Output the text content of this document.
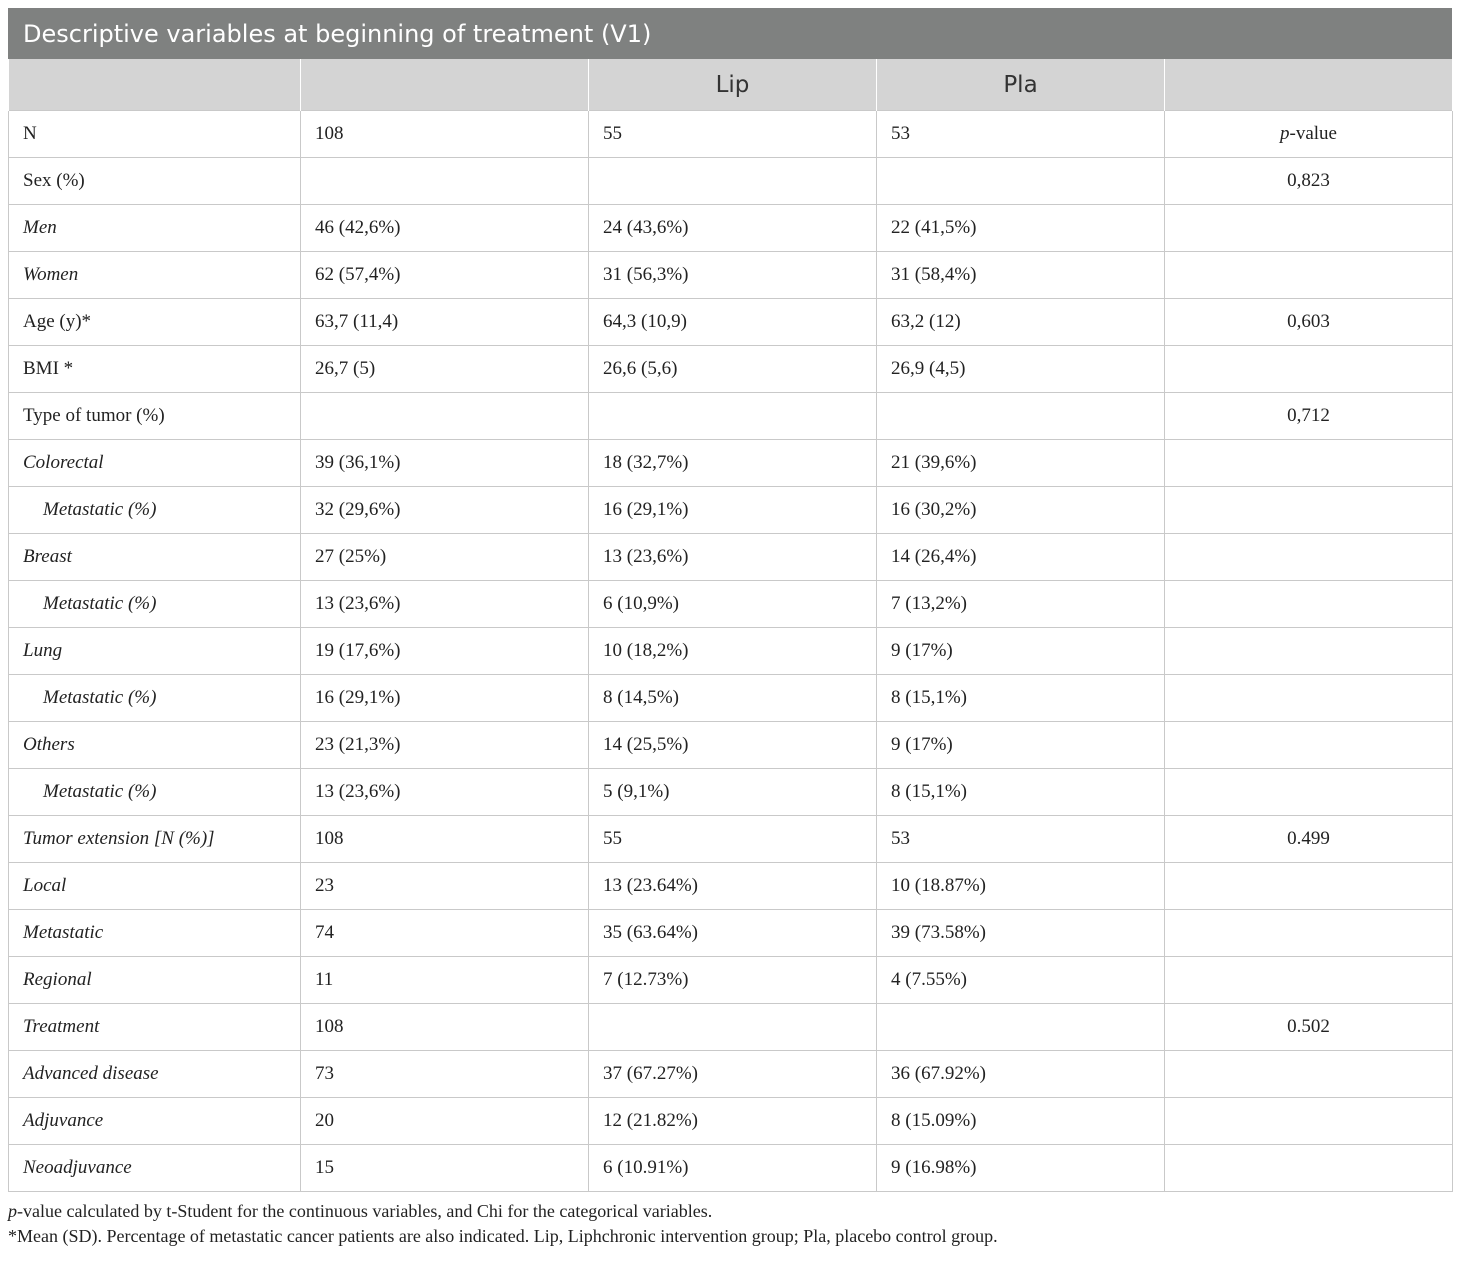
Descriptive variables at beginning of treatment (V1)
		Lip	Pla	
N	108	55	53	p-value
Sex (%)				0,823
Men	46 (42,6%)	24 (43,6%)	22 (41,5%)	
Women	62 (57,4%)	31 (56,3%)	31 (58,4%)	
Age (y)*	63,7 (11,4)	64,3 (10,9)	63,2 (12)	0,603
BMI *	26,7 (5)	26,6 (5,6)	26,9 (4,5)	
Type of tumor (%)				0,712
Colorectal	39 (36,1%)	18 (32,7%)	21 (39,6%)	
Metastatic (%)	32 (29,6%)	16 (29,1%)	16 (30,2%)	
Breast	27 (25%)	13 (23,6%)	14 (26,4%)	
Metastatic (%)	13 (23,6%)	6 (10,9%)	7 (13,2%)	
Lung	19 (17,6%)	10 (18,2%)	9 (17%)	
Metastatic (%)	16 (29,1%)	8 (14,5%)	8 (15,1%)	
Others	23 (21,3%)	14 (25,5%)	9 (17%)	
Metastatic (%)	13 (23,6%)	5 (9,1%)	8 (15,1%)	
Tumor extension [N (%)]	108	55	53	0.499
Local	23	13 (23.64%)	10 (18.87%)	
Metastatic	74	35 (63.64%)	39 (73.58%)	
Regional	11	7 (12.73%)	4 (7.55%)	
Treatment	108			0.502
Advanced disease	73	37 (67.27%)	36 (67.92%)	
Adjuvance	20	12 (21.82%)	8 (15.09%)	
Neoadjuvance	15	6 (10.91%)	9 (16.98%)	
p-value calculated by t-Student for the continuous variables, and Chi for the categorical variables.
*Mean (SD). Percentage of metastatic cancer patients are also indicated. Lip, Liphchronic intervention group; Pla, placebo control group.
